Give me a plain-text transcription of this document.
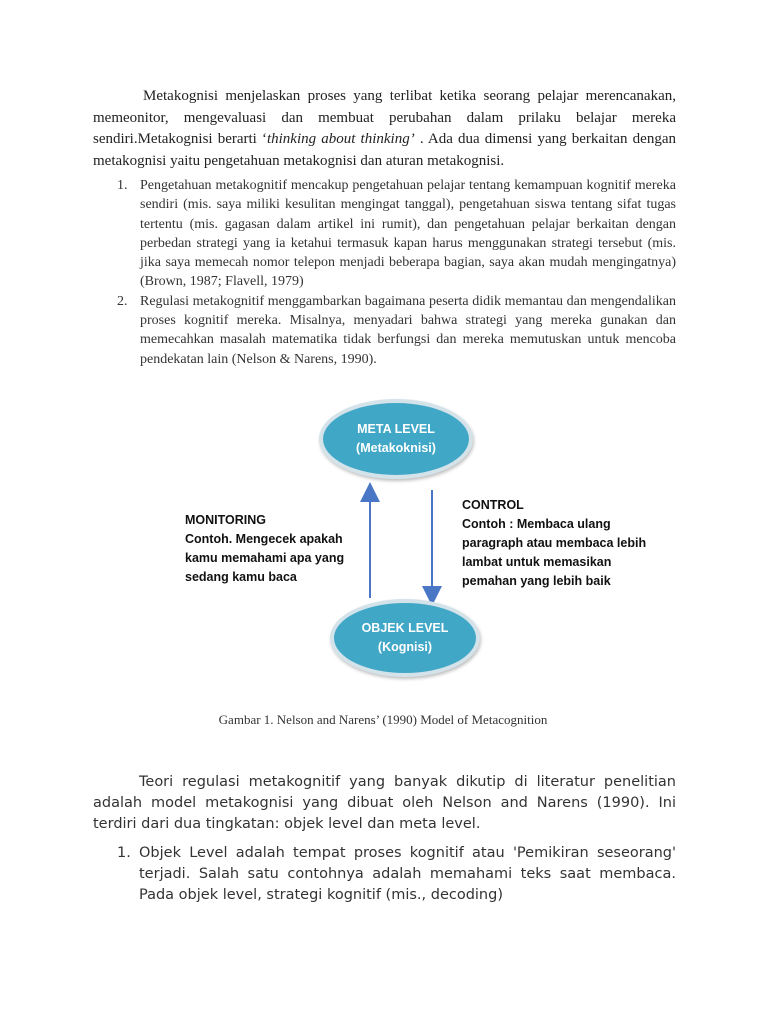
Metakognisi menjelaskan proses yang terlibat ketika seorang pelajar merencanakan, memeonitor, mengevaluasi dan membuat perubahan dalam prilaku belajar mereka sendiri.Metakognisi berarti ‘thinking about thinking’ . Ada dua dimensi yang berkaitan dengan metakognisi yaitu pengetahuan metakognisi dan aturan metakognisi.
1. Pengetahuan metakognitif mencakup pengetahuan pelajar tentang kemampuan kognitif mereka sendiri (mis. saya miliki kesulitan mengingat tanggal), pengetahuan siswa tentang sifat tugas tertentu (mis. gagasan dalam artikel ini rumit), dan pengetahuan pelajar berkaitan dengan perbedan strategi yang ia ketahui termasuk kapan harus menggunakan strategi tersebut (mis. jika saya memecah nomor telepon menjadi beberapa bagian, saya akan mudah mengingatnya) (Brown, 1987; Flavell, 1979)
2. Regulasi metakognitif menggambarkan bagaimana peserta didik memantau dan mengendalikan proses kognitif mereka. Misalnya, menyadari bahwa strategi yang mereka gunakan dan memecahkan masalah matematika tidak berfungsi dan mereka memutuskan untuk mencoba pendekatan lain (Nelson & Narens, 1990).
META LEVEL
(Metakoknisi)
OBJEK LEVEL
(Kognisi)
MONITORING
Contoh. Mengecek apakah
kamu memahami apa yang
sedang kamu baca
CONTROL
Contoh : Membaca ulang
paragraph atau membaca lebih
lambat untuk memasikan
pemahan yang lebih baik
Gambar 1. Nelson and Narens’ (1990) Model of Metacognition
Teori regulasi metakognitif yang banyak dikutip di literatur penelitian adalah model metakognisi yang dibuat oleh Nelson and Narens (1990). Ini terdiri dari dua tingkatan: objek level dan meta level.
1. Objek Level adalah tempat proses kognitif atau 'Pemikiran seseorang' terjadi. Salah satu contohnya adalah memahami teks saat membaca. Pada objek level, strategi kognitif (mis., decoding)
